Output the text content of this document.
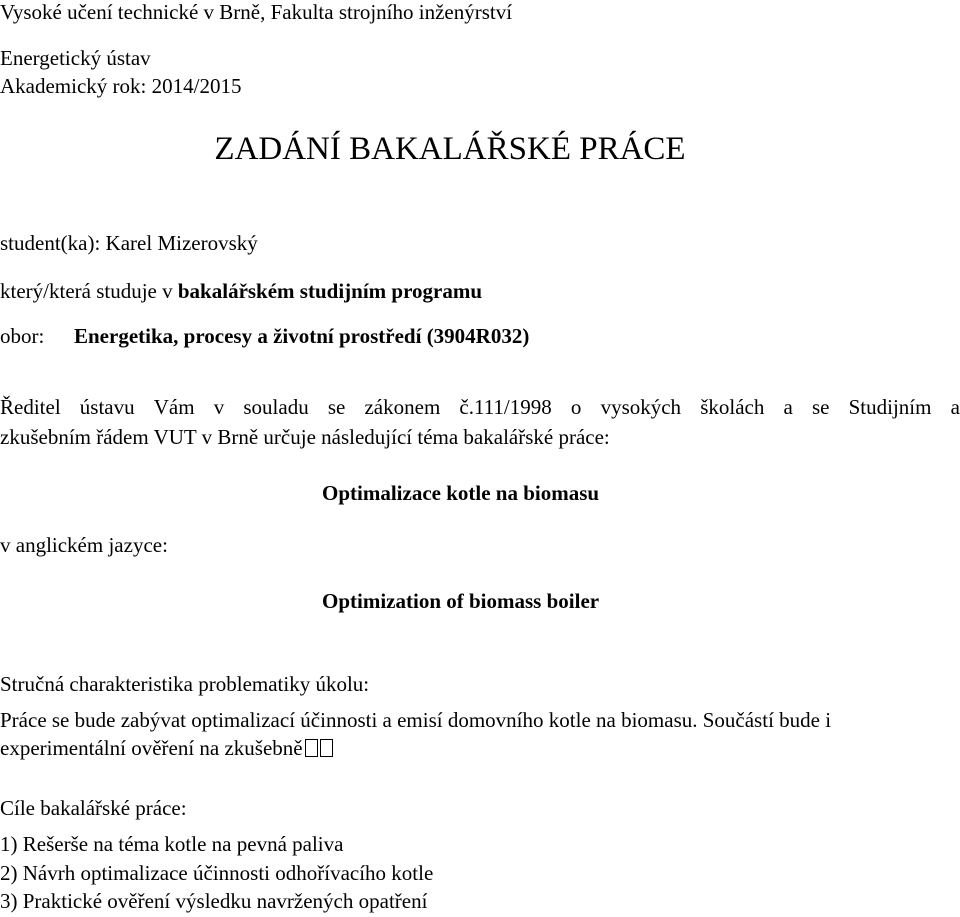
Vysoké učení technické v Brně, Fakulta strojního inženýrství
Energetický ústav
Akademický rok: 2014/2015
ZADÁNÍ BAKALÁŘSKÉ PRÁCE
student(ka): Karel Mizerovský
který/která studuje v bakalářském studijním programu
obor: Energetika, procesy a životní prostředí (3904R032)
Ředitel ústavu Vám v souladu se zákonem č.111/1998 o vysokých školách a se Studijním a
zkušebním řádem VUT v Brně určuje následující téma bakalářské práce:
Optimalizace kotle na biomasu
v anglickém jazyce:
Optimization of biomass boiler
Stručná charakteristika problematiky úkolu:
Práce se bude zabývat optimalizací účinnosti a emisí domovního kotle na biomasu. Součástí bude i
experimentální ověření na zkušebně
Cíle bakalářské práce:
1) Rešerše na téma kotle na pevná paliva
2) Návrh optimalizace účinnosti odhořívacího kotle
3) Praktické ověření výsledku navržených opatření
